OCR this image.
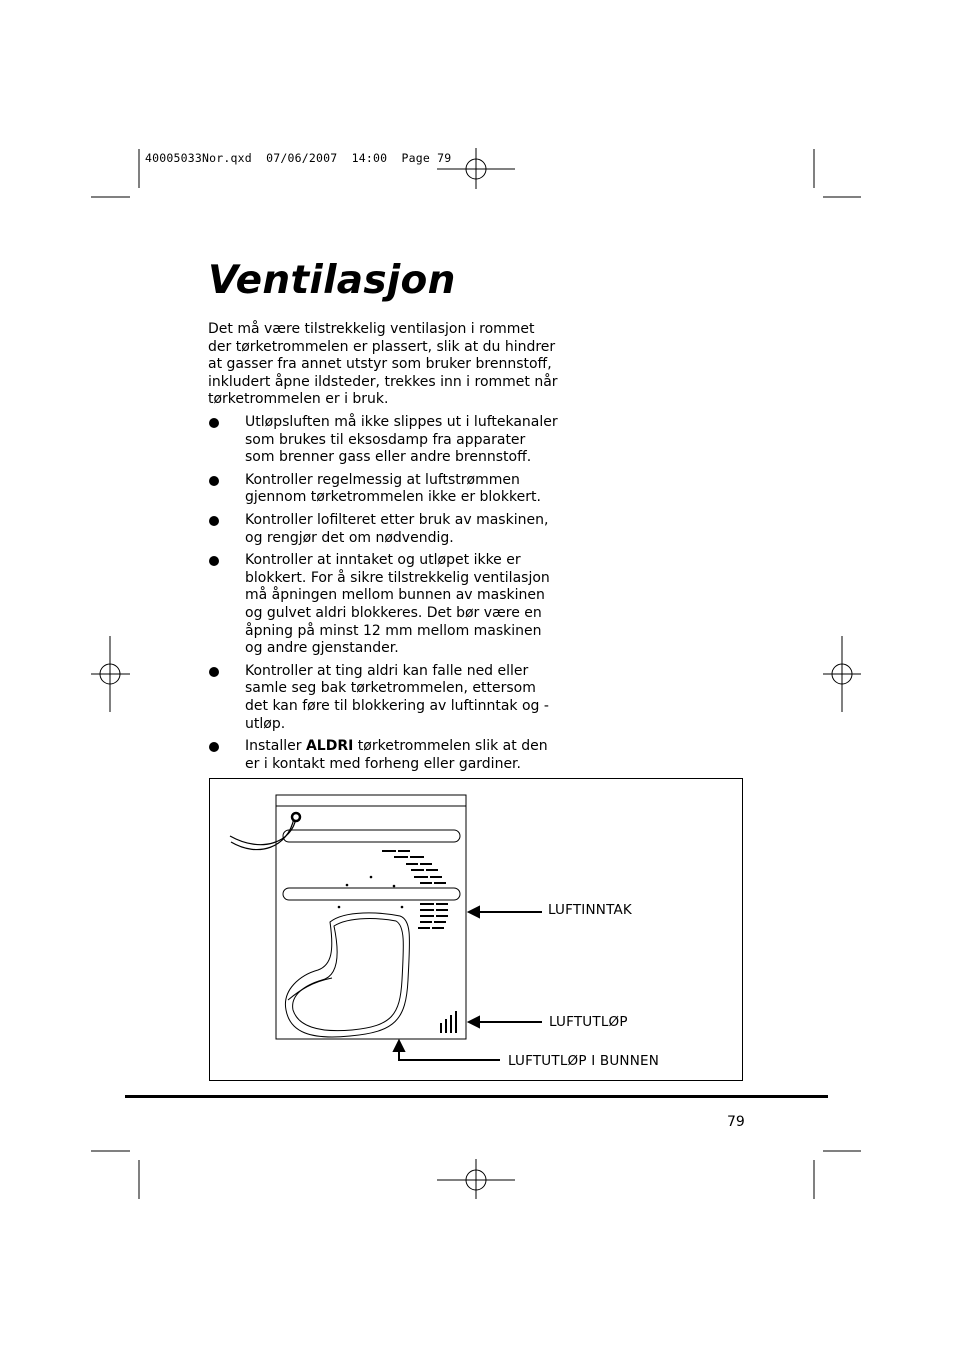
40005033Nor.qxd  07/06/2007  14:00  Page 79
Ventilasjon
Det må være tilstrekkelig ventilasjon i rommet der tørketrommelen er plassert, slik at du hindrer at gasser fra annet utstyr som bruker brennstoff, inkludert åpne ildsteder, trekkes inn i rommet når tørketrommelen er i bruk.
Utløpsluften må ikke slippes ut i luftekanaler som brukes til eksosdamp fra apparater som brenner gass eller andre brennstoff.
Kontroller regelmessig at luftstrømmen gjennom tørketrommelen ikke er blokkert.
Kontroller lofilteret etter bruk av maskinen, og rengjør det om nødvendig.
Kontroller at inntaket og utløpet ikke er blokkert. For å sikre tilstrekkelig ventilasjon må åpningen mellom bunnen av maskinen og gulvet aldri blokkeres. Det bør være en åpning på minst 12 mm mellom maskinen og andre gjenstander.
Kontroller at ting aldri kan falle ned eller samle seg bak tørketrommelen, ettersom det kan føre til blokkering av luftinntak og - utløp.
Installer ALDRI tørketrommelen slik at den er i kontakt med forheng eller gardiner.
LUFTINNTAK
LUFTUTLØP
LUFTUTLØP I BUNNEN
79
